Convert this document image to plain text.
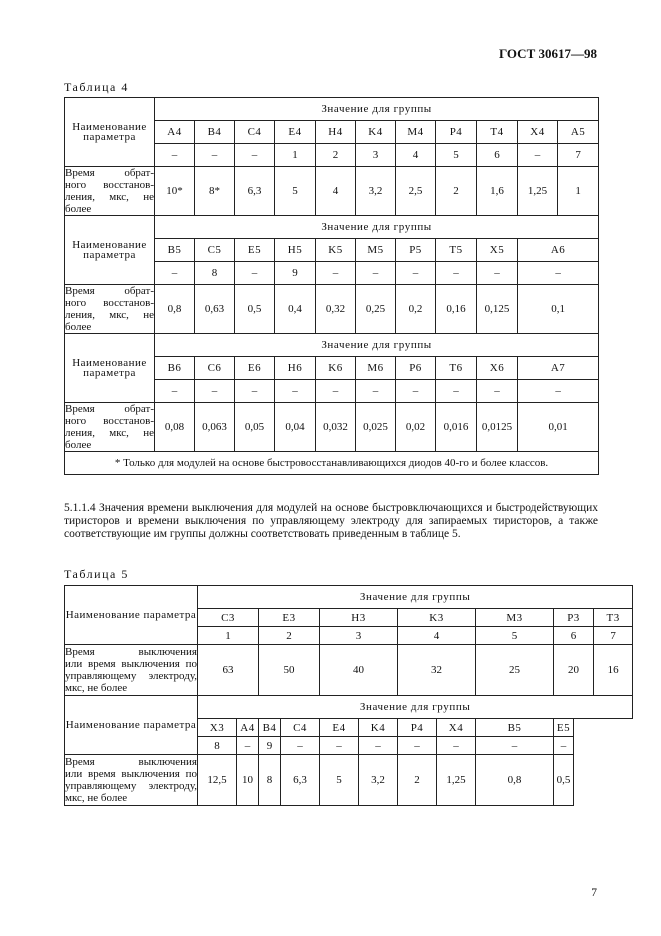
ГОСТ 30617—98
Таблица 4
Наименование параметра	Значение для группы										
	A4	B4	C4	E4	H4	K4	M4	P4	T4	X4	A5
	–	–	–	1	2	3	4	5	6	–	7

Время обрат-
ного восстанов-
ления, мкс, не
более	10*	8*	6,3	5	4	3,2	2,5	2	1,6	1,25	1
Наименование параметра	Значение для группы										
	B5	C5	E5	H5	K5	M5	P5	T5	X5	A6	
	–	8	–	9	–	–	–	–	–	–	

Время обрат-
ного восстанов-
ления, мкс, не
более	0,8	0,63	0,5	0,4	0,32	0,25	0,2	0,16	0,125	0,1	
Наименование параметра	Значение для группы										
	B6	C6	E6	H6	K6	M6	P6	T6	X6	A7	
	–	–	–	–	–	–	–	–	–	–	

Время обрат-
ного восстанов-
ления, мкс, не
более	0,08	0,063	0,05	0,04	0,032	0,025	0,02	0,016	0,0125	0,01	
* Только для модулей на основе быстровосстанавливающихся диодов 40-го и более классов.											

5.1.1.4 Значения времени выключения для модулей на основе быстровключающихся и быстродействующих тиристоров и времени выключения по управляющему электроду для запираемых тиристоров, а также соответствующие им группы должны соответствовать приведенным в таблице 5.

Таблица 5
Наименование параметра	Значение для группы										
	C3		E3		H3		K3		M3	P3	T3
	1		2		3		4		5	6	7

Время выключения
или время выключения по
управляющему электроду,
мкс, не более	63		50		40		32		25	20	16
Наименование параметра	Значение для группы										
	X3	A4	B4	C4	E4	K4	P4	X4	B5	E5	
	8	–	9	–	–	–	–	–	–	–	

Время выключения
или время выключения по
управляющему электроду,
мкс, не более	12,5	10	8	6,3	5	3,2	2	1,25	0,8	0,5	
7
